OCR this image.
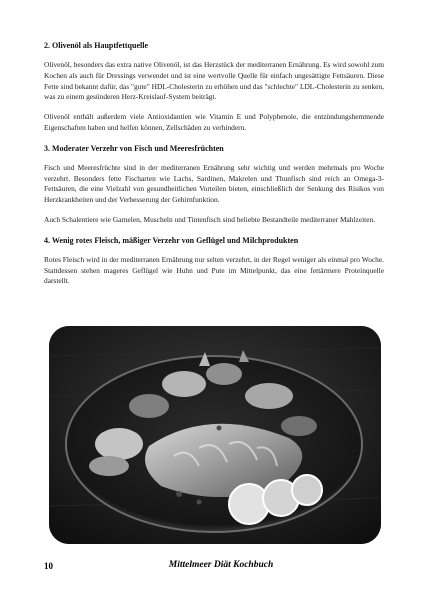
2. Olivenöl als Hauptfettquelle

Olivenöl, besonders das extra native Olivenöl, ist das Herzstück der mediterranen Ernährung. Es wird sowohl zum Kochen als auch für Dressings verwendet und ist eine wertvolle Quelle für einfach ungesättigte Fettsäuren. Diese Fette sind bekannt dafür, das "gute" HDL-Cholesterin zu erhöhen und das "schlechte" LDL-Cholesterin zu senken, was zu einem gesünderen Herz-Kreislauf-System beiträgt.

Olivenöl enthält außerdem viele Antioxidantien wie Vitamin E und Polyphenole, die entzündungshemmende Eigenschaften haben und helfen können, Zellschäden zu verhindern.

3. Moderater Verzehr von Fisch und Meeresfrüchten

Fisch und Meeresfrüchte sind in der mediterranen Ernährung sehr wichtig und werden mehrmals pro Woche verzehrt. Besonders fette Fischarten wie Lachs, Sardinen, Makrelen und Thunfisch sind reich an Omega-3-Fettsäuren, die eine Vielzahl von gesundheitlichen Vorteilen bieten, einschließlich der Senkung des Risikos von Herzkrankheiten und der Verbesserung der Gehirnfunktion.

Auch Schalentiere wie Garnelen, Muscheln und Tintenfisch sind beliebte Bestandteile mediterraner Mahlzeiten.

4. Wenig rotes Fleisch, mäßiger Verzehr von Geflügel und Milchprodukten

Rotes Fleisch wird in der mediterranen Ernährung nur selten verzehrt, in der Regel weniger als einmal pro Woche. Stattdessen stehen mageres Geflügel wie Huhn und Pute im Mittelpunkt, das eine fettärmere Proteinquelle darstellt.

10	Mittelmeer Diät Kochbuch
